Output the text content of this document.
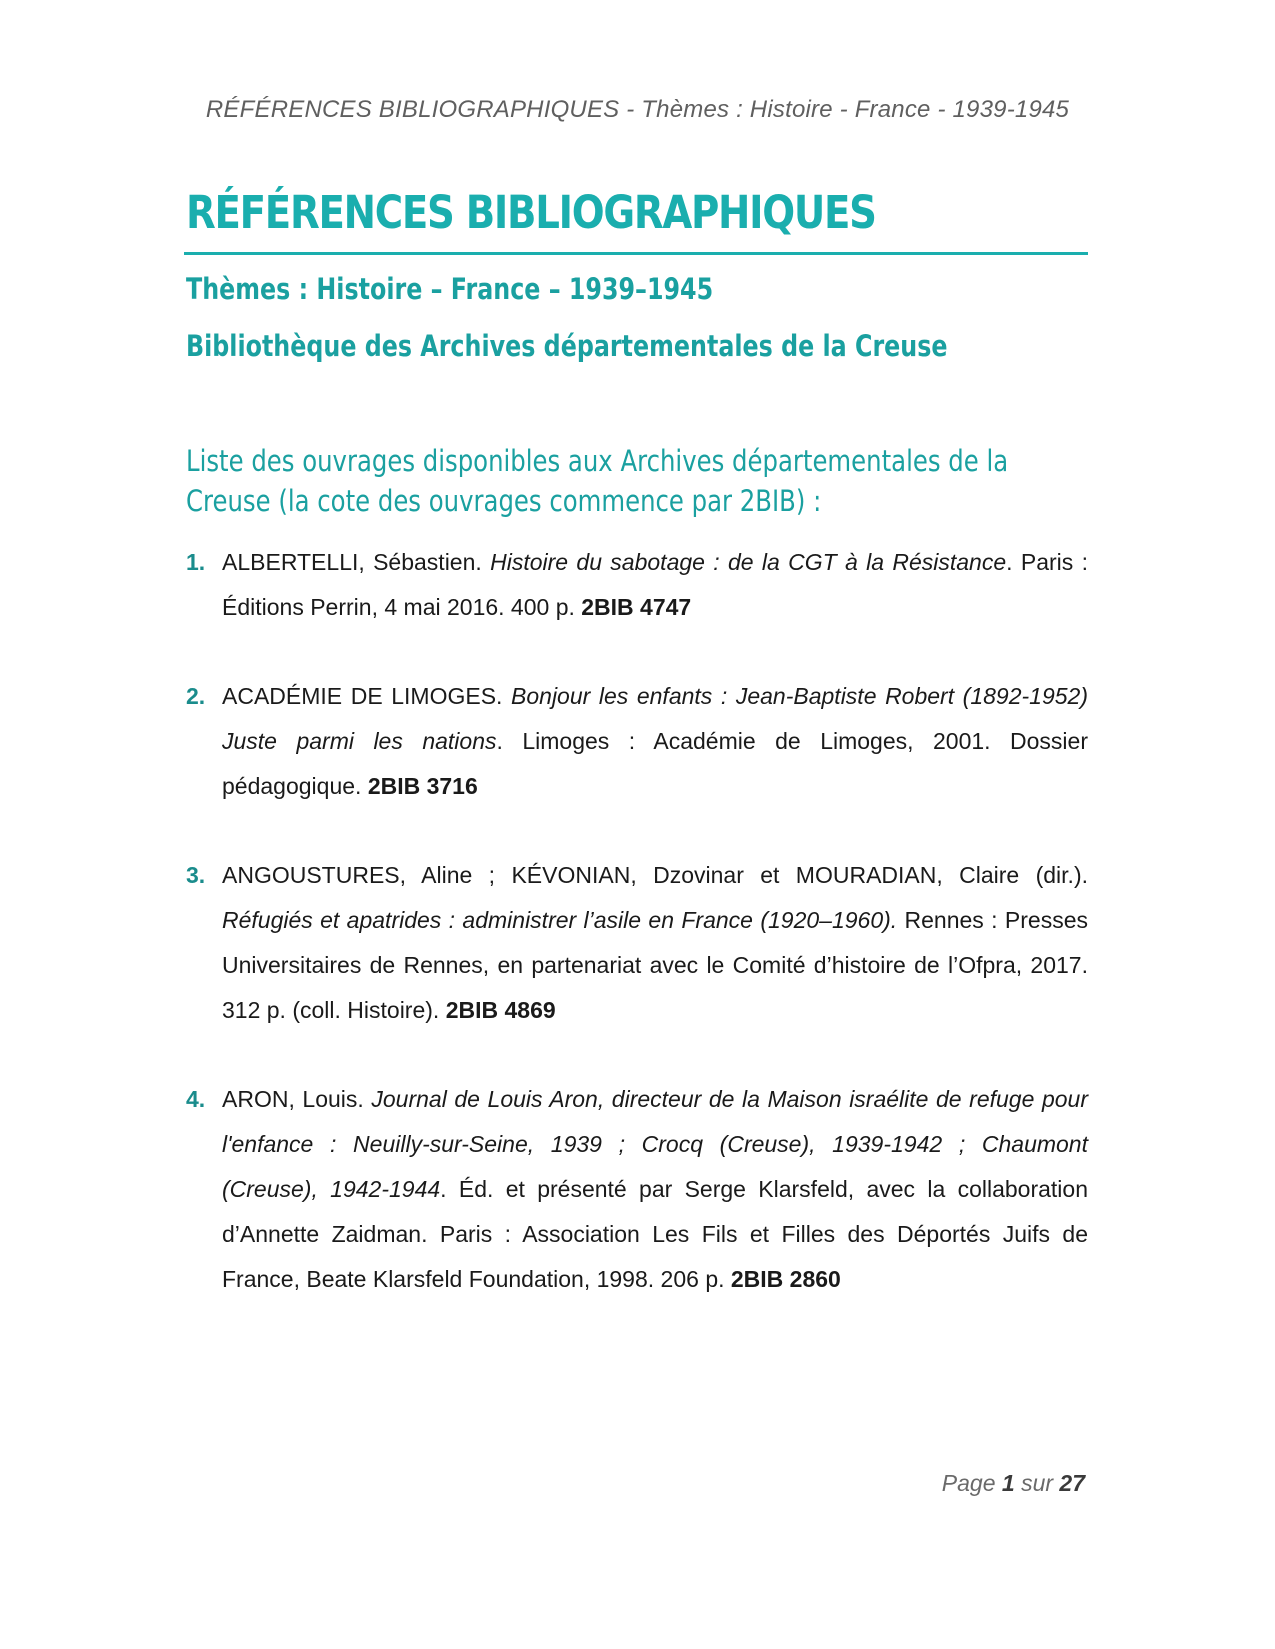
RÉFÉRENCES BIBLIOGRAPHIQUES - Thèmes : Histoire - France - 1939-1945
RÉFÉRENCES BIBLIOGRAPHIQUES
Thèmes : Histoire – France – 1939–1945
Bibliothèque des Archives départementales de la Creuse

Liste des ouvrages disponibles aux Archives départementales de la Creuse (la cote des ouvrages commence par 2BIB) :

1. ALBERTELLI, Sébastien. Histoire du sabotage : de la CGT à la Résistance. Paris : Éditions Perrin, 4 mai 2016. 400 p. 2BIB 4747
2. ACADÉMIE DE LIMOGES. Bonjour les enfants : Jean-Baptiste Robert (1892-1952) Juste parmi les nations. Limoges : Académie de Limoges, 2001. Dossier pédagogique. 2BIB 3716
3. ANGOUSTURES, Aline ; KÉVONIAN, Dzovinar et MOURADIAN, Claire (dir.). Réfugiés et apatrides : administrer l’asile en France (1920–1960). Rennes : Presses Universitaires de Rennes, en partenariat avec le Comité d’histoire de l’Ofpra, 2017. 312 p. (coll. Histoire). 2BIB 4869
4. ARON, Louis. Journal de Louis Aron, directeur de la Maison israélite de refuge pour l'enfance : Neuilly-sur-Seine, 1939 ; Crocq (Creuse), 1939-1942 ; Chaumont (Creuse), 1942-1944. Éd. et présenté par Serge Klarsfeld, avec la collaboration d’Annette Zaidman. Paris : Association Les Fils et Filles des Déportés Juifs de France, Beate Klarsfeld Foundation, 1998. 206 p. 2BIB 2860
Page 1 sur 27
